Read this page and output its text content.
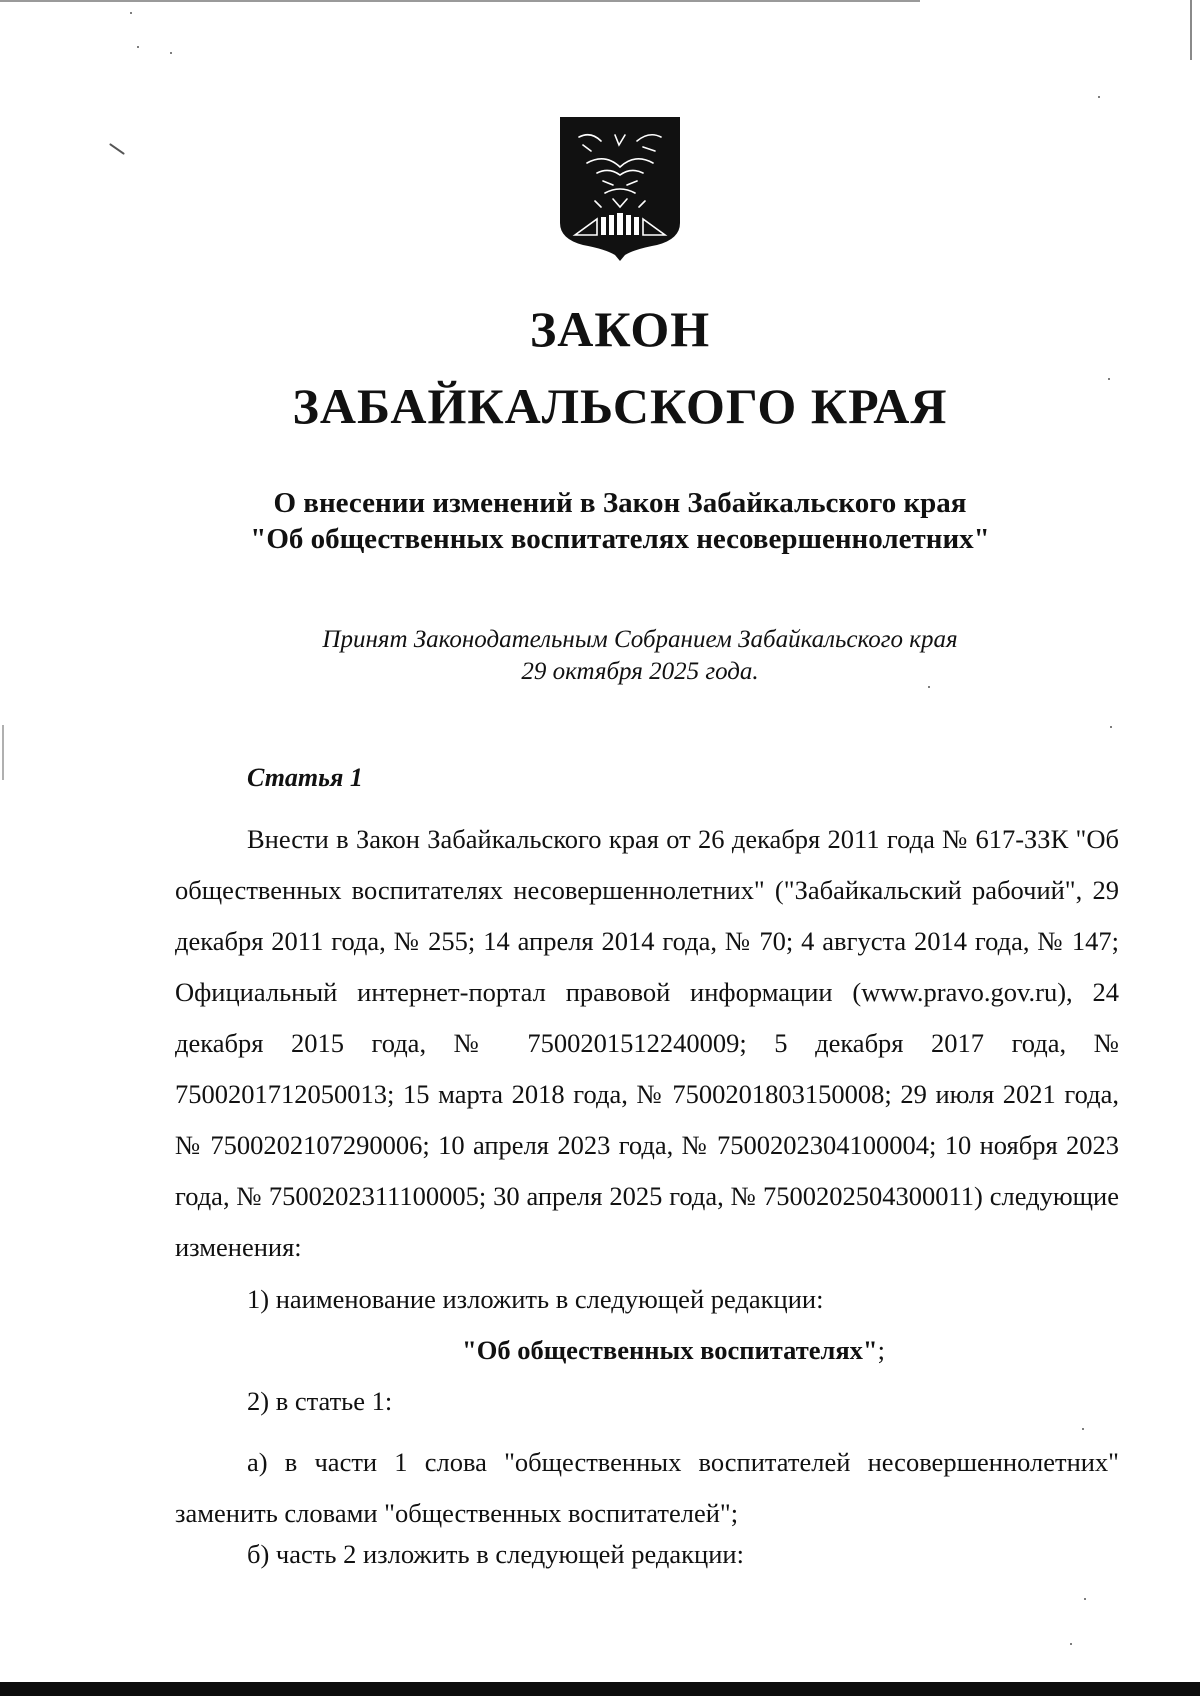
ЗАКОН
ЗАБАЙКАЛЬСКОГО КРАЯ

О внесении изменений в Закон Забайкальского края

"Об общественных воспитателях несовершеннолетних"

Принят Законодательным Собранием Забайкальского края

29 октября 2025 года.

Статья 1

Внести в Закон Забайкальского края от 26 декабря 2011 года № 617-ЗЗК "Об общественных воспитателях несовершеннолетних" ("Забайкальский рабочий", 29 декабря 2011 года, № 255; 14 апреля 2014 года, № 70; 4 августа 2014 года, № 147; Официальный интернет-портал правовой информации (www.pravo.gov.ru), 24 декабря 2015 года, № 7500201512240009; 5 декабря 2017 года, № 7500201712050013; 15 марта 2018 года, № 7500201803150008; 29 июля 2021 года, № 7500202107290006; 10 апреля 2023 года, № 7500202304100004; 10 ноября 2023 года, № 7500202311100005; 30 апреля 2025 года, № 7500202504300011) следующие изменения:

1) наименование изложить в следующей редакции:

"Об общественных воспитателях";

2) в статье 1:

а) в части 1 слова "общественных воспитателей несовершеннолетних" заменить словами "общественных воспитателей";

б) часть 2 изложить в следующей редакции:
